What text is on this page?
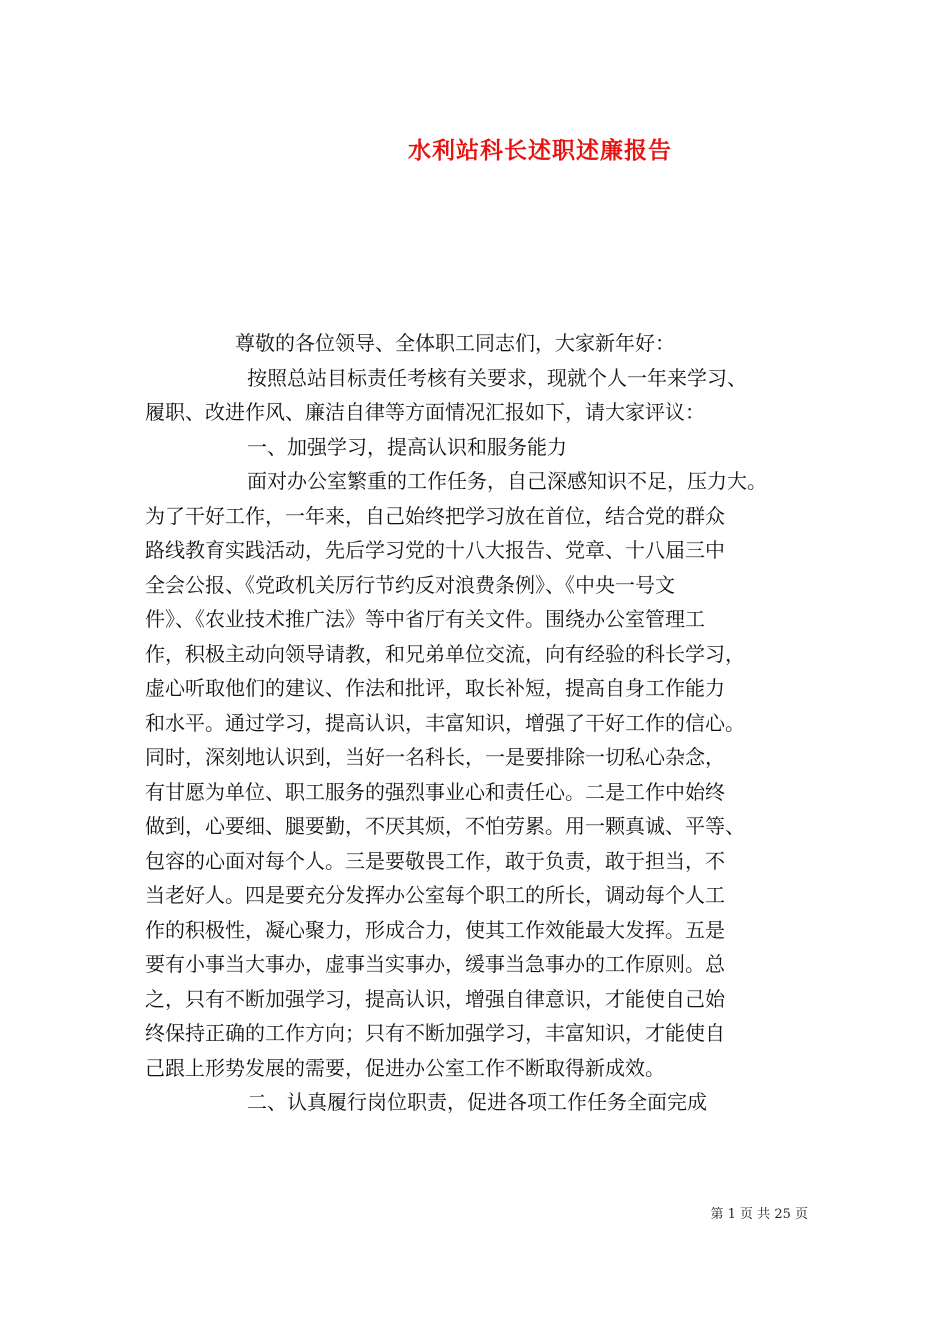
水利站科长述职述廉报告
尊敬的各位领导、全体职工同志们，大家新年好：
按照总站目标责任考核有关要求，现就个人一年来学习、
履职、改进作风、廉洁自律等方面情况汇报如下，请大家评议：
一、加强学习，提高认识和服务能力
面对办公室繁重的工作任务，自己深感知识不足，压力大。
为了干好工作，一年来，自己始终把学习放在首位，结合党的群众
路线教育实践活动，先后学习党的十八大报告、党章、十八届三中
全会公报、《党政机关厉行节约反对浪费条例》、《中央一号文
件》、《农业技术推广法》等中省厅有关文件。围绕办公室管理工
作，积极主动向领导请教，和兄弟单位交流，向有经验的科长学习，
虚心听取他们的建议、作法和批评，取长补短，提高自身工作能力
和水平。通过学习，提高认识，丰富知识，增强了干好工作的信心。
同时，深刻地认识到，当好一名科长，一是要排除一切私心杂念，
有甘愿为单位、职工服务的强烈事业心和责任心。二是工作中始终
做到，心要细、腿要勤，不厌其烦，不怕劳累。用一颗真诚、平等、
包容的心面对每个人。三是要敬畏工作，敢于负责，敢于担当，不
当老好人。四是要充分发挥办公室每个职工的所长，调动每个人工
作的积极性，凝心聚力，形成合力，使其工作效能最大发挥。五是
要有小事当大事办，虚事当实事办，缓事当急事办的工作原则。总
之，只有不断加强学习，提高认识，增强自律意识，才能使自己始
终保持正确的工作方向；只有不断加强学习，丰富知识，才能使自
己跟上形势发展的需要，促进办公室工作不断取得新成效。
二、认真履行岗位职责，促进各项工作任务全面完成
第 1 页 共 25 页
